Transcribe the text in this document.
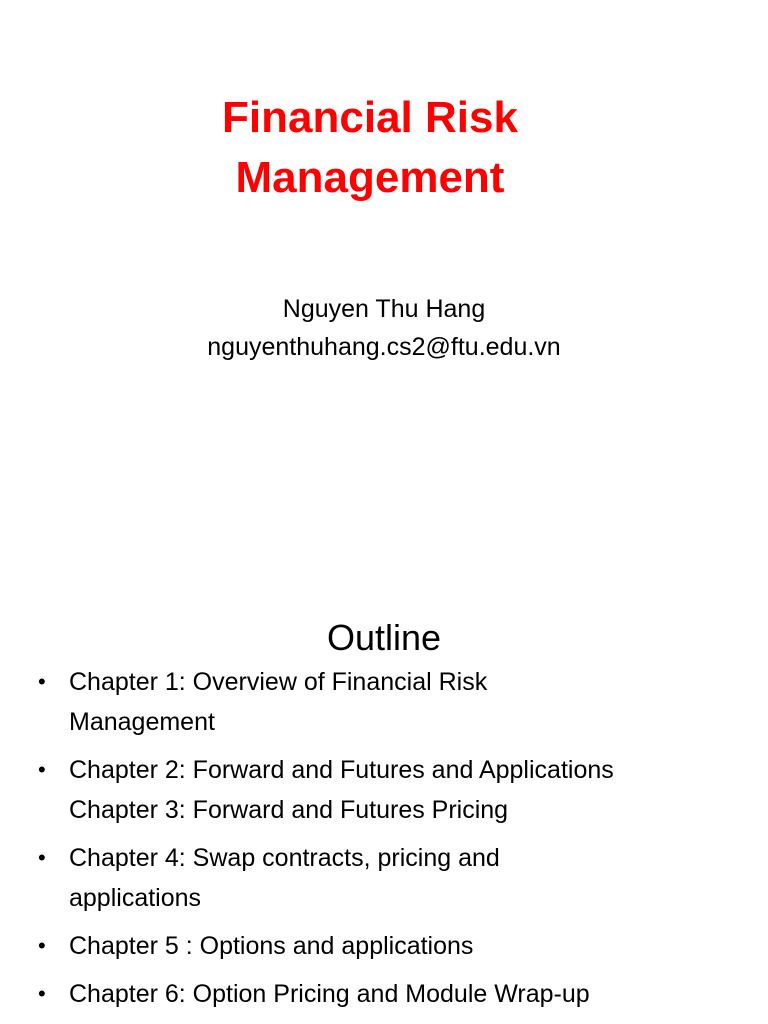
Financial Risk
Management
Nguyen Thu Hang
nguyenthuhang.cs2@ftu.edu.vn
Outline
• Chapter 1: Overview of Financial Risk
Management
• Chapter 2: Forward and Futures and Applications
Chapter 3: Forward and Futures Pricing
• Chapter 4: Swap contracts, pricing and
applications
• Chapter 5 : Options and applications
• Chapter 6: Option Pricing and Module Wrap-up
